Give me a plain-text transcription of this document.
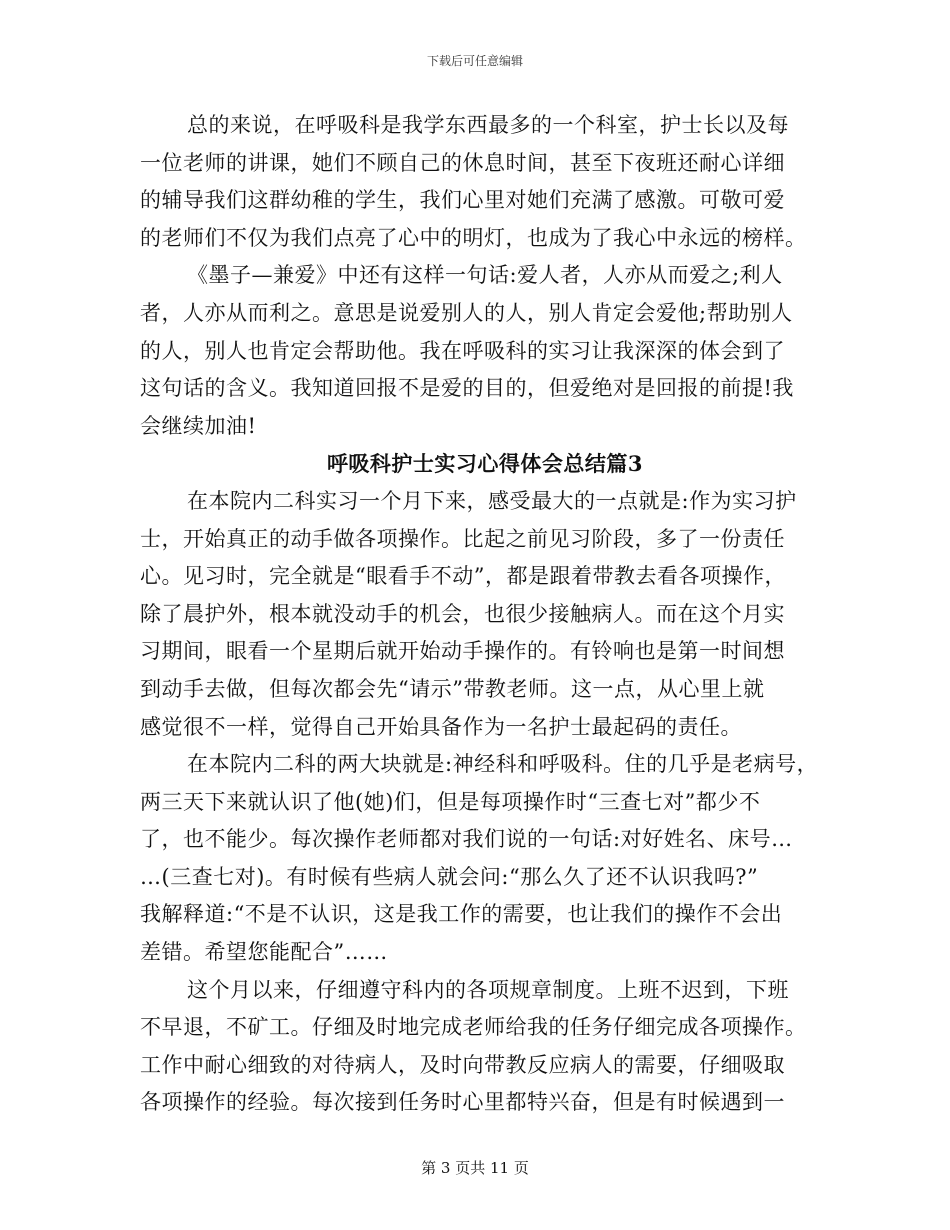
下载后可任意编辑
总的来说，在呼吸科是我学东西最多的一个科室，护士长以及每
一位老师的讲课，她们不顾自己的休息时间，甚至下夜班还耐心详细
的辅导我们这群幼稚的学生，我们心里对她们充满了感激。可敬可爱
的老师们不仅为我们点亮了心中的明灯，也成为了我心中永远的榜样。
《墨子—兼爱》中还有这样一句话:爱人者，人亦从而爱之;利人
者，人亦从而利之。意思是说爱别人的人，别人肯定会爱他;帮助别人
的人，别人也肯定会帮助他。我在呼吸科的实习让我深深的体会到了
这句话的含义。我知道回报不是爱的目的，但爱绝对是回报的前提!我
会继续加油!
呼吸科护士实习心得体会总结篇3
在本院内二科实习一个月下来，感受最大的一点就是:作为实习护
士，开始真正的动手做各项操作。比起之前见习阶段，多了一份责任
心。见习时，完全就是“眼看手不动”，都是跟着带教去看各项操作，
除了晨护外，根本就没动手的机会，也很少接触病人。而在这个月实
习期间，眼看一个星期后就开始动手操作的。有铃响也是第一时间想
到动手去做，但每次都会先“请示”带教老师。这一点，从心里上就
感觉很不一样，觉得自己开始具备作为一名护士最起码的责任。
在本院内二科的两大块就是:神经科和呼吸科。住的几乎是老病号，
两三天下来就认识了他(她)们，但是每项操作时“三查七对”都少不
了，也不能少。每次操作老师都对我们说的一句话:对好姓名、床号…
…(三查七对)。有时候有些病人就会问:“那么久了还不认识我吗?”
我解释道:“不是不认识，这是我工作的需要，也让我们的操作不会出
差错。希望您能配合”……
这个月以来，仔细遵守科内的各项规章制度。上班不迟到，下班
不早退，不矿工。仔细及时地完成老师给我的任务仔细完成各项操作。
工作中耐心细致的对待病人，及时向带教反应病人的需要，仔细吸取
各项操作的经验。每次接到任务时心里都特兴奋，但是有时候遇到一
第 3 页共 11 页
